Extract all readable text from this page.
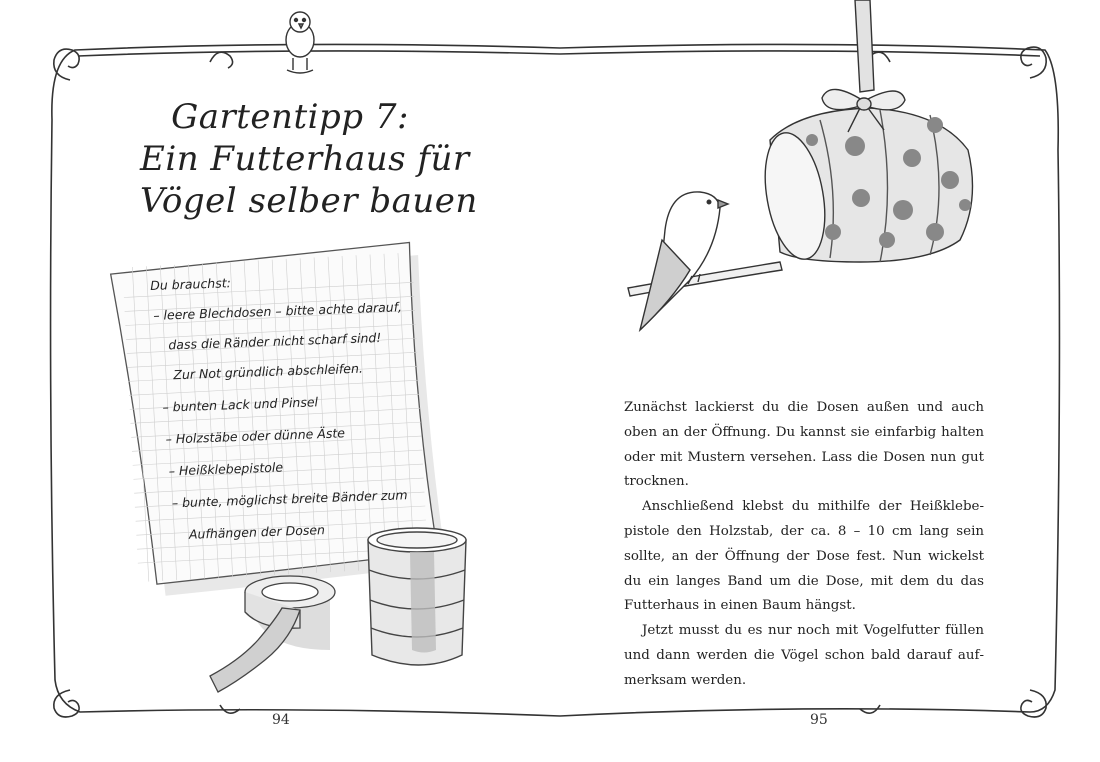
Gartentipp 7:
Ein Futterhaus für
Vögel selber bauen
Du brauchst:
– leere Blechdosen – bitte achte darauf,
dass die Ränder nicht scharf sind!
Zur Not gründlich abschleifen.
– bunten Lack und Pinsel
– Holzstäbe oder dünne Äste
– Heißklebepistole
– bunte, möglichst breite Bänder zum
Aufhängen der Dosen

Zunächst lackierst du die Dosen außen und auch oben an der Öffnung. Du kannst sie einfarbig halten oder mit Mustern versehen. Lass die Dosen nun gut trocknen.

Anschließend klebst du mithilfe der Heißklebepistole den Holzstab, der ca. 8 – 10 cm lang sein sollte, an der Öffnung der Dose fest. Nun wickelst du ein langes Band um die Dose, mit dem du das Futterhaus in einen Baum hängst.

Jetzt musst du es nur noch mit Vogelfutter füllen und dann werden die Vögel schon bald darauf aufmerksam werden.

94	95
